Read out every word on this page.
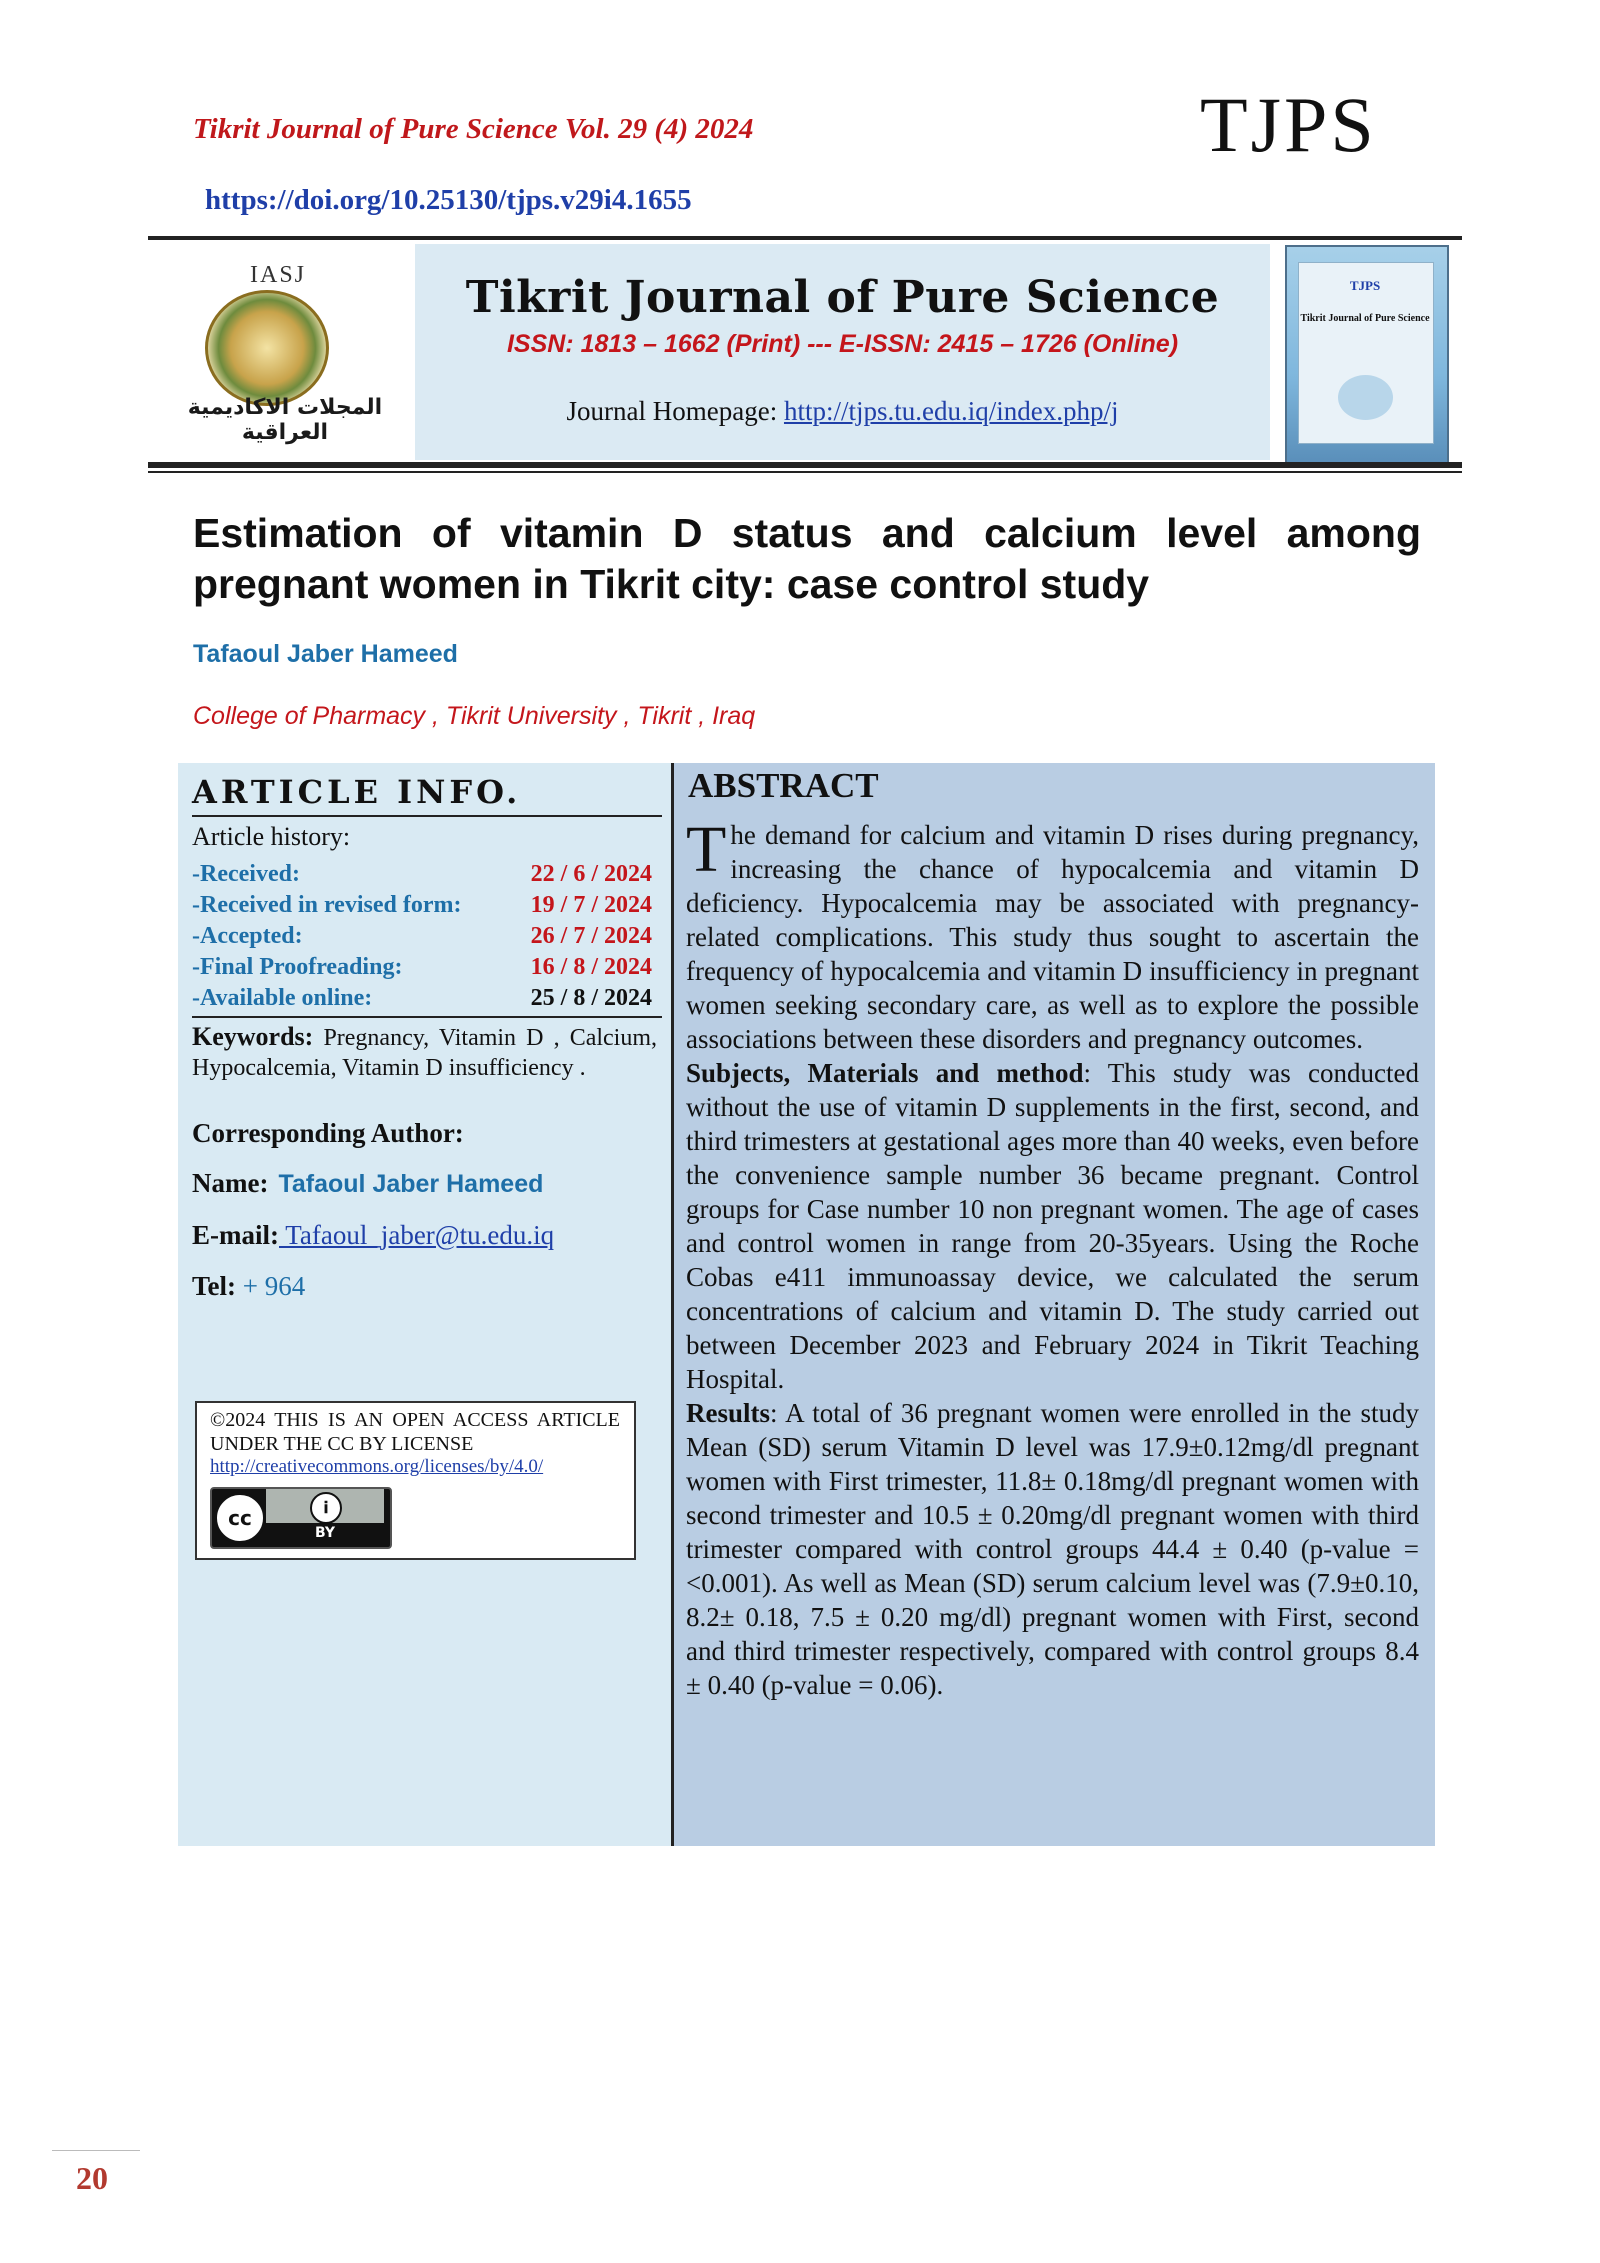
Tikrit Journal of Pure Science Vol. 29 (4) 2024	TJPS
https://doi.org/10.25130/tjps.v29i4.1655
IASJ
المجلات الاكاديمية العراقية
Tikrit Journal of Pure Science
ISSN: 1813 – 1662 (Print) --- E-ISSN: 2415 – 1726 (Online)
Journal Homepage: http://tjps.tu.edu.iq/index.php/j
TJPS
Tikrit Journal of Pure Science
Estimation of vitamin D status and calcium level among pregnant women in Tikrit city: case control study
Tafaoul Jaber Hameed
College of Pharmacy , Tikrit University , Tikrit , Iraq
ARTICLE INFO.
Article history:
-Received:	22 / 6 / 2024
-Received in revised form:	19 / 7 / 2024
-Accepted:	26 / 7 / 2024
-Final Proofreading:	16 / 8 / 2024
-Available online:	25 / 8 / 2024
Keywords: Pregnancy, Vitamin D , Calcium, Hypocalcemia, Vitamin D insufficiency .
Corresponding Author:
Name: Tafaoul Jaber Hameed
E-mail: Tafaoul_jaber@tu.edu.iq
Tel: + 964
©2024 THIS IS AN OPEN ACCESS ARTICLE UNDER THE CC BY LICENSE
http://creativecommons.org/licenses/by/4.0/
cc	𝐢
BY
ABSTRACT

The demand for calcium and vitamin D rises during pregnancy, increasing the chance of hypocalcemia and vitamin D deficiency. Hypocalcemia may be associated with pregnancy-related complications. This study thus sought to ascertain the frequency of hypocalcemia and vitamin D insufficiency in pregnant women seeking secondary care, as well as to explore the possible associations between these disorders and pregnancy outcomes.

Subjects, Materials and method: This study was conducted without the use of vitamin D supplements in the first, second, and third trimesters at gestational ages more than 40 weeks, even before the convenience sample number 36 became pregnant. Control groups for Case number 10 non pregnant women. The age of cases and control women in range from 20-35years. Using the Roche Cobas e411 immunoassay device, we calculated the serum concentrations of calcium and vitamin D. The study carried out between December 2023 and February 2024 in Tikrit Teaching Hospital.

Results: A total of 36 pregnant women were enrolled in the study Mean (SD) serum Vitamin D level was 17.9±0.12mg/dl pregnant women with First trimester, 11.8± 0.18mg/dl pregnant women with second trimester and 10.5 ± 0.20mg/dl pregnant women with third trimester compared with control groups 44.4 ± 0.40 (p-value = <0.001). As well as Mean (SD) serum calcium level was (7.9±0.10, 8.2± 0.18, 7.5 ± 0.20 mg/dl) pregnant women with First, second and third trimester respectively, compared with control groups 8.4 ± 0.40 (p-value = 0.06).

20
